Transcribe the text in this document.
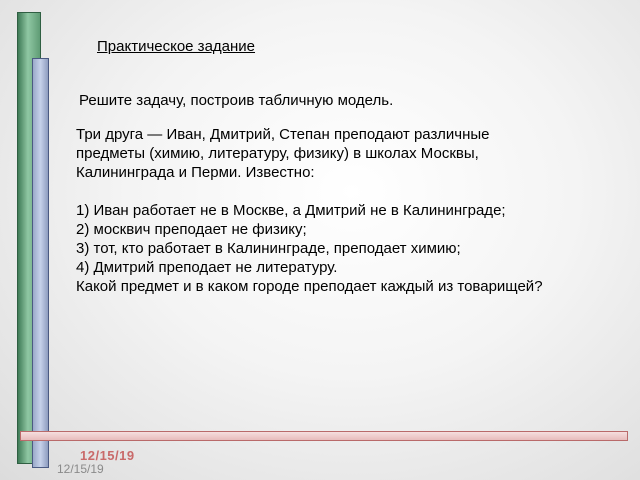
Практическое задание
Решите задачу, построив табличную модель.
Три друга — Иван, Дмитрий, Степан преподают различные
предметы (химию, литературу, физику) в школах Москвы,
Калининграда и Перми. Известно:
1) Иван работает не в Москве, а Дмитрий не в Калининграде;
2) москвич преподает не физику;
3) тот, кто работает в Калининграде, преподает химию;
4) Дмитрий преподает не литературу.
Какой предмет и в каком городе преподает каждый из товарищей?
12/15/19
12/15/19
